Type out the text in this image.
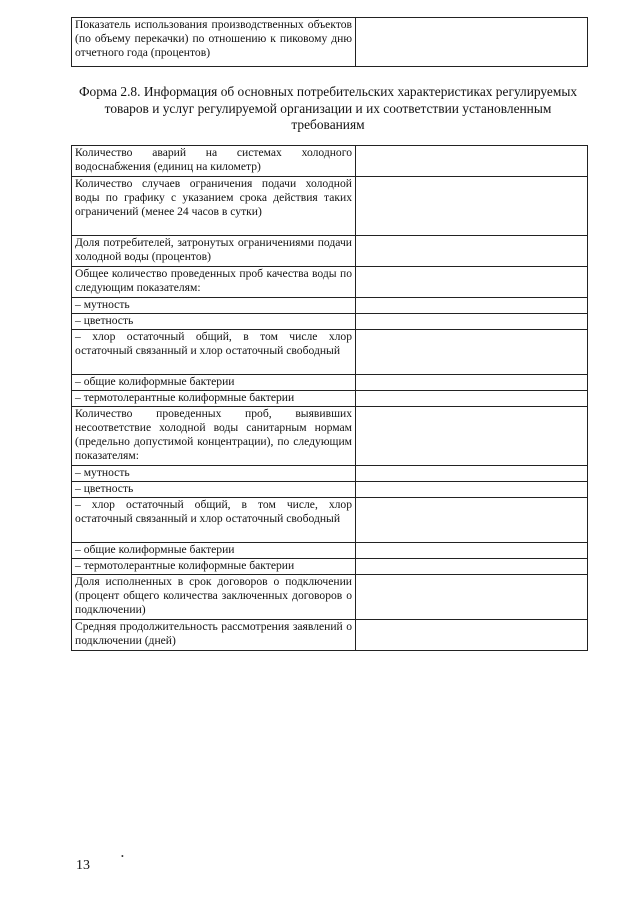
Показатель использования производственных объектов (по объему перекачки) по отношению к пиковому дню отчетного года (процентов)	
Форма 2.8. Информация об основных потребительских характеристиках регулируемых товаров и услуг регулируемой организации и их соответствии установленным требованиям
Количество аварий на системах холодного водоснабжения (единиц на километр)	
Количество случаев ограничения подачи холодной воды по графику с указанием срока действия таких ограничений (менее 24 часов в сутки)	
Доля потребителей, затронутых ограничениями подачи холодной воды (процентов)	
Общее количество проведенных проб качества воды по следующим показателям:	
– мутность	
– цветность	
– хлор остаточный общий, в том числе хлор остаточный связанный и хлор остаточный свободный	
– общие колиформные бактерии	
– термотолерантные колиформные бактерии	
Количество проведенных проб, выявивших несоответствие холодной воды санитарным нормам (предельно допустимой концентрации), по следующим показателям:	
– мутность	
– цветность	
– хлор остаточный общий, в том числе, хлор остаточный связанный и хлор остаточный свободный	
– общие колиформные бактерии	
– термотолерантные колиформные бактерии	
Доля исполненных в срок договоров о подключении (процент общего количества заключенных договоров о подключении)	
Средняя продолжительность рассмотрения заявлений о подключении (дней)	
13
•
